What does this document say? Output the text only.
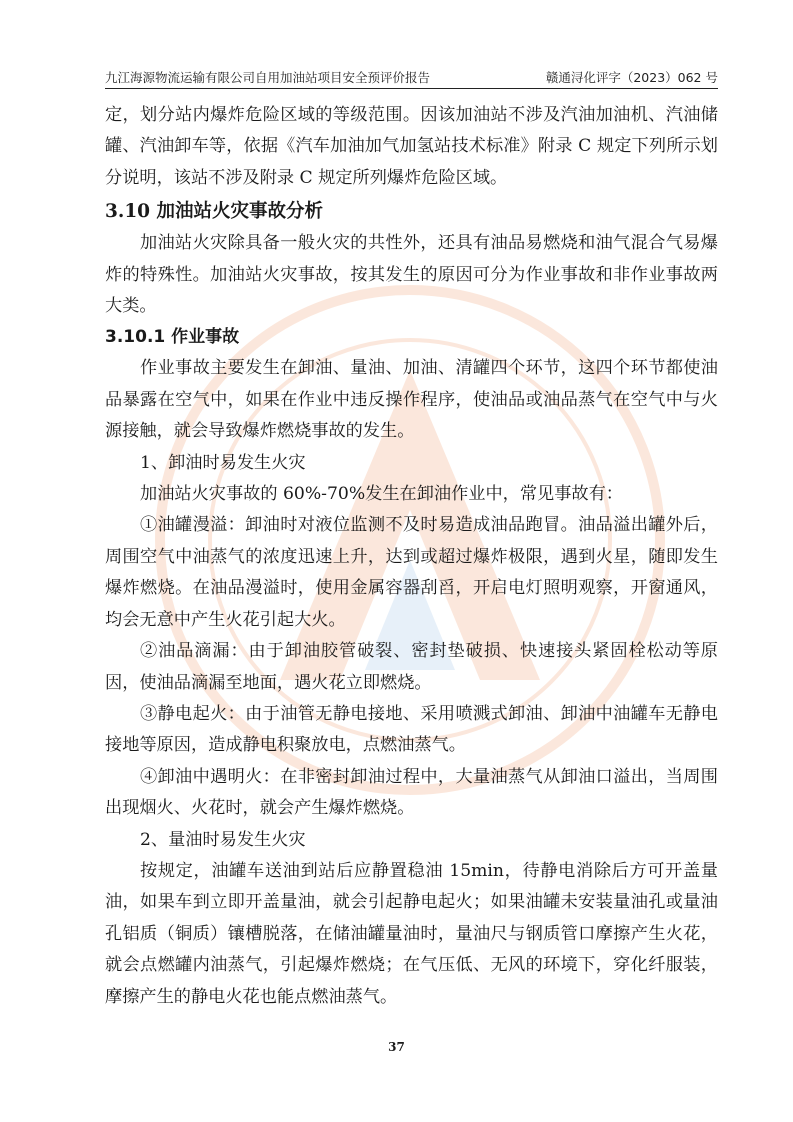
九江海源物流运输有限公司自用加油站项目安全预评价报告	赣通浔化评字（2023）062 号

定，划分站内爆炸危险区域的等级范围。因该加油站不涉及汽油加油机、汽油储罐、汽油卸车等，依据《汽车加油加气加氢站技术标准》附录 C 规定下列所示划分说明，该站不涉及附录 C 规定所列爆炸危险区域。

3.10 加油站火灾事故分析

加油站火灾除具备一般火灾的共性外，还具有油品易燃烧和油气混合气易爆炸的特殊性。加油站火灾事故，按其发生的原因可分为作业事故和非作业事故两大类。

3.10.1 作业事故

作业事故主要发生在卸油、量油、加油、清罐四个环节，这四个环节都使油品暴露在空气中，如果在作业中违反操作程序，使油品或油品蒸气在空气中与火源接触，就会导致爆炸燃烧事故的发生。

1、卸油时易发生火灾

加油站火灾事故的 60%-70%发生在卸油作业中，常见事故有：

①油罐漫溢：卸油时对液位监测不及时易造成油品跑冒。油品溢出罐外后，周围空气中油蒸气的浓度迅速上升，达到或超过爆炸极限，遇到火星，随即发生爆炸燃烧。在油品漫溢时，使用金属容器刮舀，开启电灯照明观察，开窗通风，均会无意中产生火花引起大火。

②油品滴漏：由于卸油胶管破裂、密封垫破损、快速接头紧固栓松动等原因，使油品滴漏至地面，遇火花立即燃烧。

③静电起火：由于油管无静电接地、采用喷溅式卸油、卸油中油罐车无静电接地等原因，造成静电积聚放电，点燃油蒸气。

④卸油中遇明火：在非密封卸油过程中，大量油蒸气从卸油口溢出，当周围出现烟火、火花时，就会产生爆炸燃烧。

2、量油时易发生火灾

按规定，油罐车送油到站后应静置稳油 15min，待静电消除后方可开盖量油，如果车到立即开盖量油，就会引起静电起火；如果油罐未安装量油孔或量油孔铝质（铜质）镶槽脱落，在储油罐量油时，量油尺与钢质管口摩擦产生火花，就会点燃罐内油蒸气，引起爆炸燃烧；在气压低、无风的环境下，穿化纤服装，摩擦产生的静电火花也能点燃油蒸气。

37
